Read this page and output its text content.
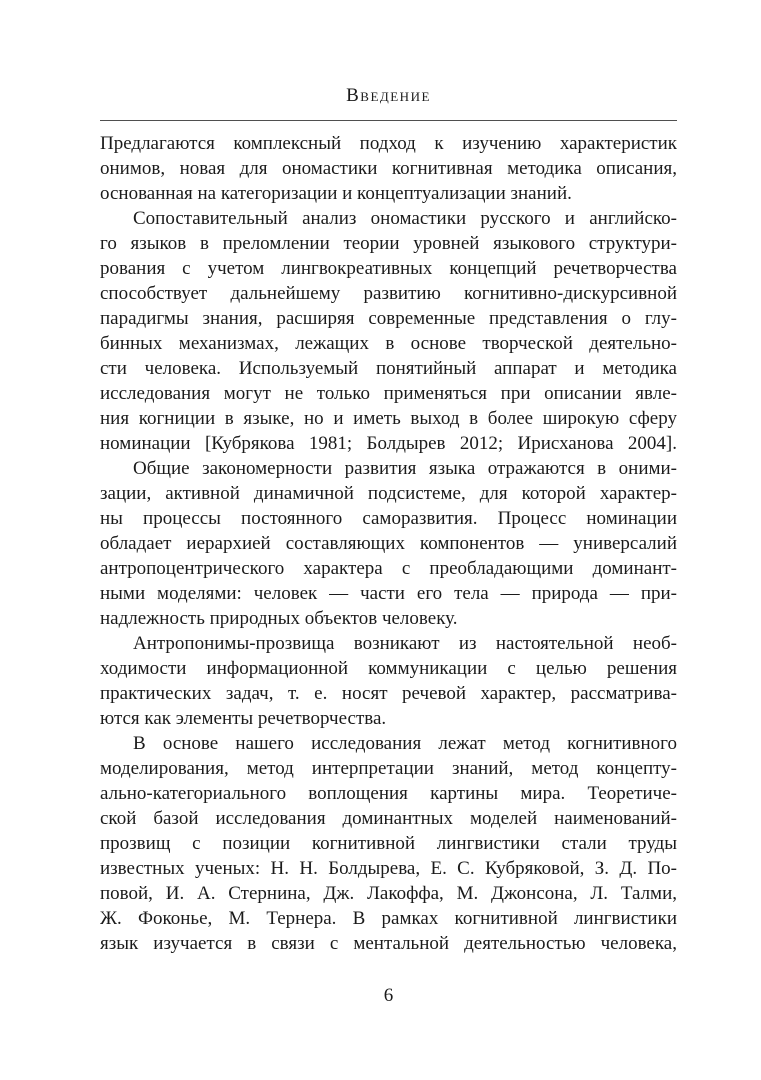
Введение
Предлагаются комплексный подход к изучению характеристик
онимов, новая для ономастики когнитивная методика описания,
основанная на категоризации и концептуализации знаний.
Сопоставительный анализ ономастики русского и английско-
го языков в преломлении теории уровней языкового структури-
рования с учетом лингвокреативных концепций речетворчества
способствует дальнейшему развитию когнитивно-дискурсивной
парадигмы знания, расширяя современные представления о глу-
бинных механизмах, лежащих в основе творческой деятельно-
сти человека. Используемый понятийный аппарат и методика
исследования могут не только применяться при описании явле-
ния когниции в языке, но и иметь выход в более широкую сферу
номинации [Кубрякова 1981; Болдырев 2012; Ирисханова 2004].
Общие закономерности развития языка отражаются в оними-
зации, активной динамичной подсистеме, для которой характер-
ны процессы постоянного саморазвития. Процесс номинации
обладает иерархией составляющих компонентов — универсалий
антропоцентрического характера с преобладающими доминант-
ными моделями: человек — части его тела — природа — при-
надлежность природных объектов человеку.
Антропонимы-прозвища возникают из настоятельной необ-
ходимости информационной коммуникации с целью решения
практических задач, т. е. носят речевой характер, рассматрива-
ются как элементы речетворчества.
В основе нашего исследования лежат метод когнитивного
моделирования, метод интерпретации знаний, метод концепту-
ально-категориального воплощения картины мира. Теоретиче-
ской базой исследования доминантных моделей наименований-
прозвищ с позиции когнитивной лингвистики стали труды
известных ученых: Н. Н. Болдырева, Е. С. Кубряковой, З. Д. По-
повой, И. А. Стернина, Дж. Лакоффа, М. Джонсона, Л. Талми,
Ж. Фоконье, М. Тернера. В рамках когнитивной лингвистики
язык изучается в связи с ментальной деятельностью человека,
6
